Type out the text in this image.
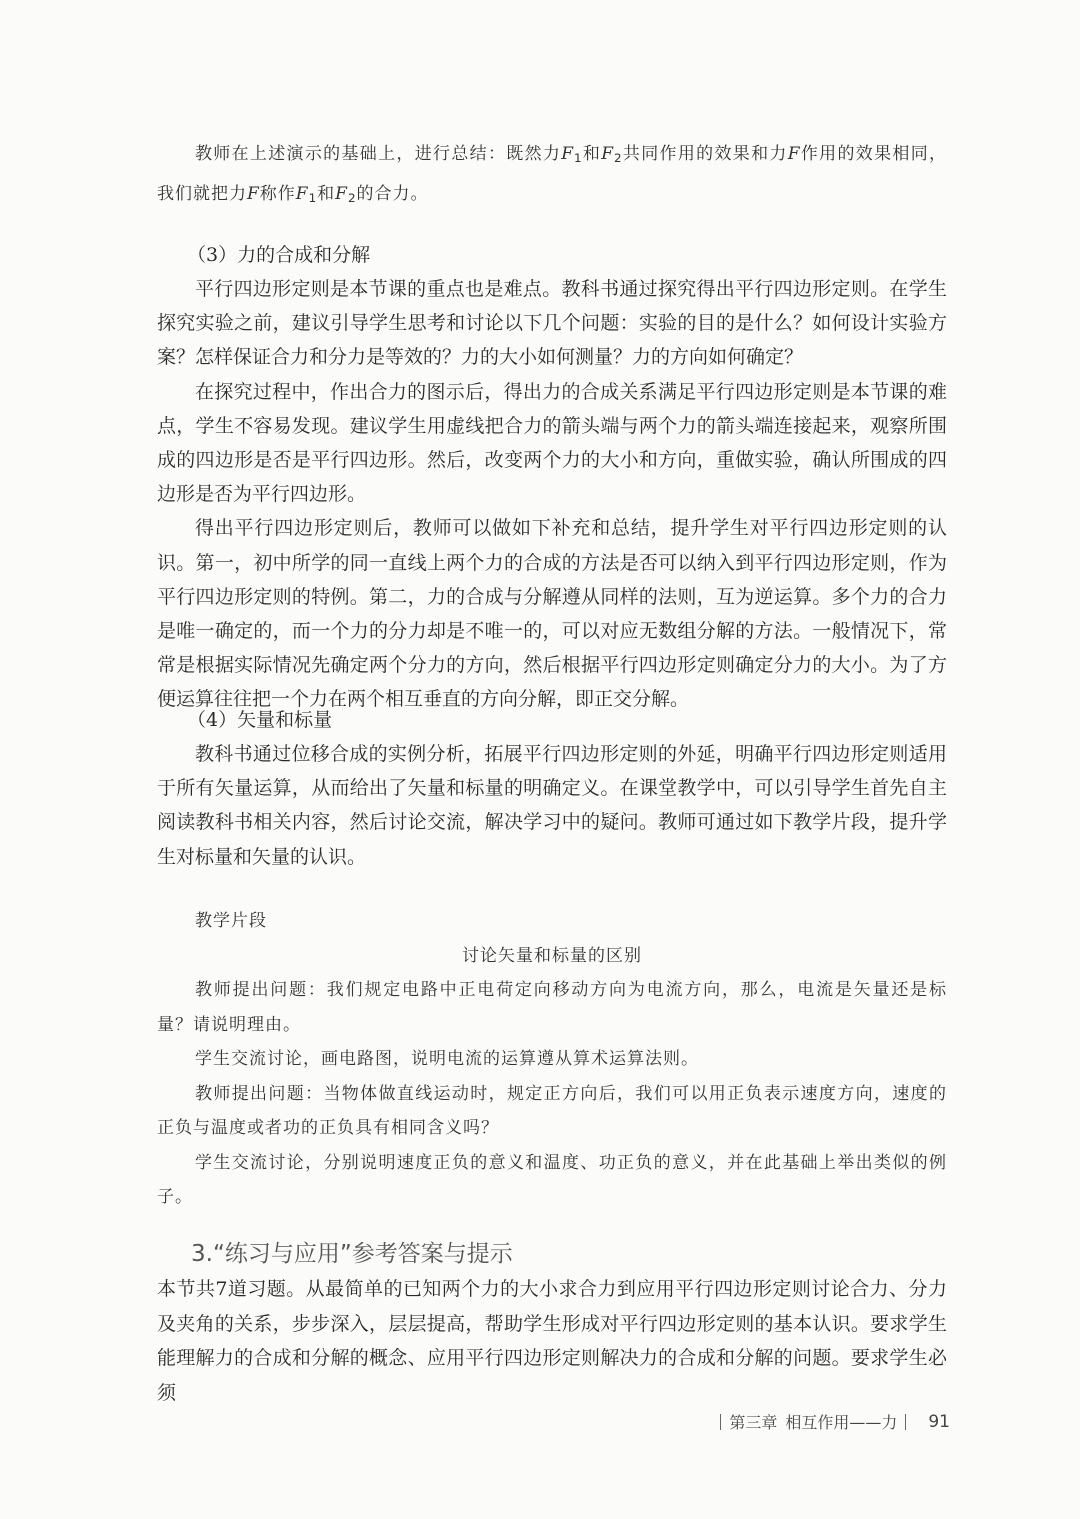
教师在上述演示的基础上，进行总结：既然力$F_1$和$F_2$共同作用的效果和力F作用的效果相同，我们就把力F称作$F_1$和$F_2$的合力。

（3）力的合成和分解

平行四边形定则是本节课的重点也是难点。教科书通过探究得出平行四边形定则。在学生探究实验之前，建议引导学生思考和讨论以下几个问题：实验的目的是什么？如何设计实验方案？怎样保证合力和分力是等效的？力的大小如何测量？力的方向如何确定？

在探究过程中，作出合力的图示后，得出力的合成关系满足平行四边形定则是本节课的难点，学生不容易发现。建议学生用虚线把合力的箭头端与两个力的箭头端连接起来，观察所围成的四边形是否是平行四边形。然后，改变两个力的大小和方向，重做实验，确认所围成的四边形是否为平行四边形。

得出平行四边形定则后，教师可以做如下补充和总结，提升学生对平行四边形定则的认识。第一，初中所学的同一直线上两个力的合成的方法是否可以纳入到平行四边形定则，作为平行四边形定则的特例。第二，力的合成与分解遵从同样的法则，互为逆运算。多个力的合力是唯一确定的，而一个力的分力却是不唯一的，可以对应无数组分解的方法。一般情况下，常常是根据实际情况先确定两个分力的方向，然后根据平行四边形定则确定分力的大小。为了方便运算往往把一个力在两个相互垂直的方向分解，即正交分解。

（4）矢量和标量

教科书通过位移合成的实例分析，拓展平行四边形定则的外延，明确平行四边形定则适用于所有矢量运算，从而给出了矢量和标量的明确定义。在课堂教学中，可以引导学生首先自主阅读教科书相关内容，然后讨论交流，解决学习中的疑问。教师可通过如下教学片段，提升学生对标量和矢量的认识。

教学片段

讨论矢量和标量的区别

教师提出问题：我们规定电路中正电荷定向移动方向为电流方向，那么，电流是矢量还是标量？请说明理由。

学生交流讨论，画电路图，说明电流的运算遵从算术运算法则。

教师提出问题：当物体做直线运动时，规定正方向后，我们可以用正负表示速度方向，速度的正负与温度或者功的正负具有相同含义吗？

学生交流讨论，分别说明速度正负的意义和温度、功正负的意义，并在此基础上举出类似的例子。

3.“练习与应用”参考答案与提示

本节共7道习题。从最简单的已知两个力的大小求合力到应用平行四边形定则讨论合力、分力及夹角的关系，步步深入，层层提高，帮助学生形成对平行四边形定则的基本认识。要求学生能理解力的合成和分解的概念、应用平行四边形定则解决力的合成和分解的问题。要求学生必须

第三章 相互作用——力 91
